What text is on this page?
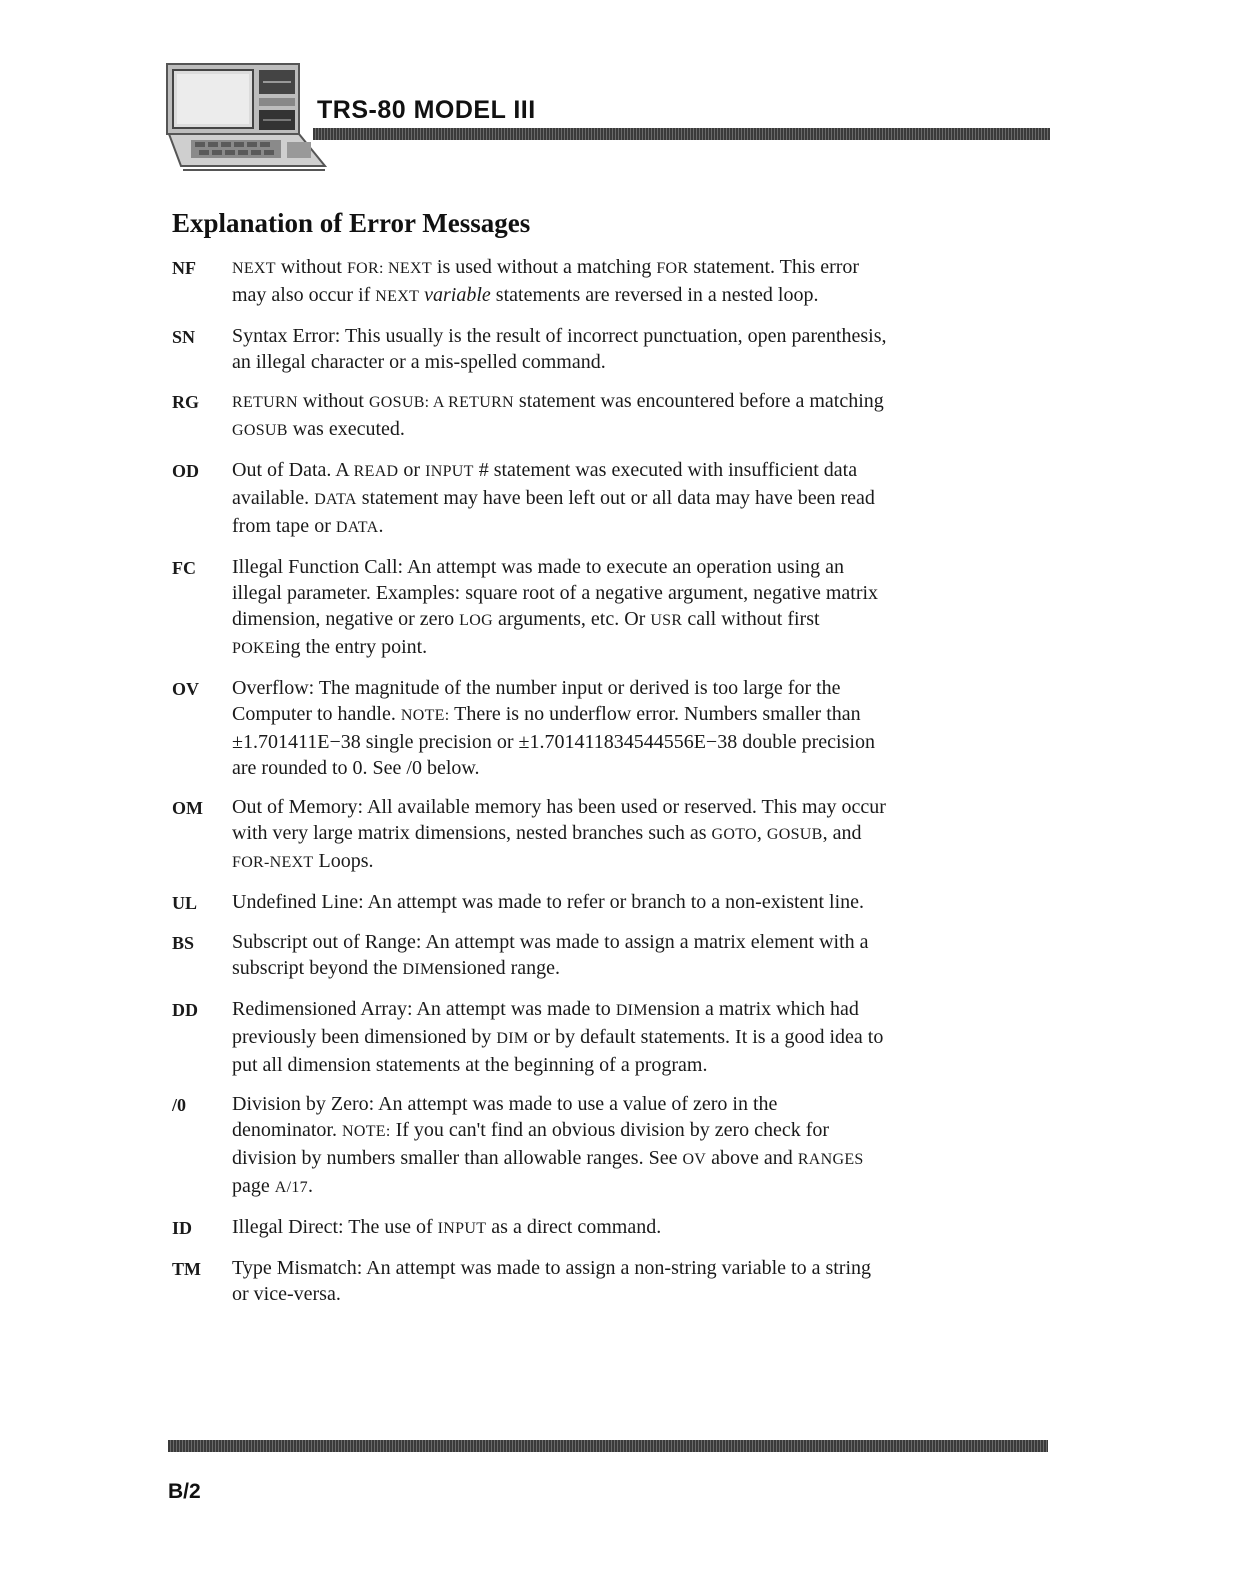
TRS-80 MODEL III
Explanation of Error Messages
NF	NEXT without FOR: NEXT is used without a matching FOR statement. This error may also occur if NEXT variable statements are reversed in a nested loop.
SN	Syntax Error: This usually is the result of incorrect punctuation, open parenthesis, an illegal character or a mis-spelled command.
RG	RETURN without GOSUB: A RETURN statement was encountered before a matching GOSUB was executed.
OD	Out of Data. A READ or INPUT # statement was executed with insufficient data available. DATA statement may have been left out or all data may have been read from tape or DATA.
FC	Illegal Function Call: An attempt was made to execute an operation using an illegal parameter. Examples: square root of a negative argument, negative matrix dimension, negative or zero LOG arguments, etc. Or USR call without first POKEing the entry point.
OV	Overflow: The magnitude of the number input or derived is too large for the Computer to handle. NOTE: There is no underflow error. Numbers smaller than ±1.701411E−38 single precision or ±1.701411834544556E−38 double precision are rounded to 0. See /0 below.
OM	Out of Memory: All available memory has been used or reserved. This may occur with very large matrix dimensions, nested branches such as GOTO, GOSUB, and FOR-NEXT Loops.
UL	Undefined Line: An attempt was made to refer or branch to a non-existent line.
BS	Subscript out of Range: An attempt was made to assign a matrix element with a subscript beyond the DIMensioned range.
DD	Redimensioned Array: An attempt was made to DIMension a matrix which had previously been dimensioned by DIM or by default statements. It is a good idea to put all dimension statements at the beginning of a program.
/0	Division by Zero: An attempt was made to use a value of zero in the denominator. NOTE: If you can't find an obvious division by zero check for division by numbers smaller than allowable ranges. See OV above and RANGES page A/17.
ID	Illegal Direct: The use of INPUT as a direct command.
TM	Type Mismatch: An attempt was made to assign a non-string variable to a string or vice-versa.
B/2
